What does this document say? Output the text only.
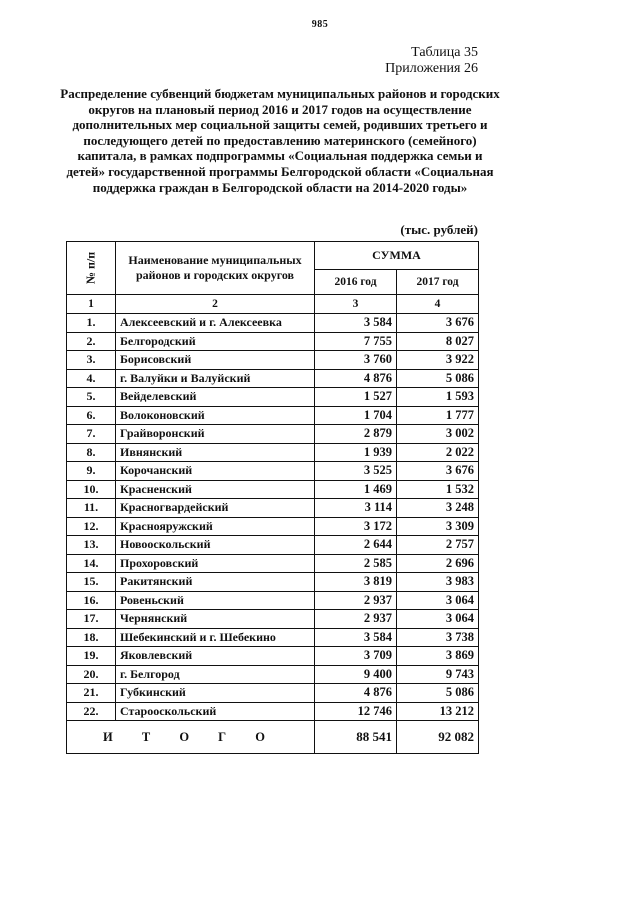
985
Таблица 35
Приложения 26
Распределение субвенций бюджетам муниципальных районов и городских округов на плановый период 2016 и 2017 годов на осуществление дополнительных мер социальной защиты семей, родивших третьего и последующего детей по предоставлению материнского (семейного) капитала, в рамках подпрограммы «Социальная поддержка семьи и детей» государственной программы Белгородской области «Социальная поддержка граждан в Белгородской области на 2014-2020 годы»
(тыс. рублей)
№ п/п	Наименование муниципальных районов и городских округов	СУММА	
		2016 год	2017 год
1	2	3	4
1.	Алексеевский и г. Алексеевка	3 584	3 676
2.	Белгородский	7 755	8 027
3.	Борисовский	3 760	3 922
4.	г. Валуйки и Валуйский	4 876	5 086
5.	Вейделевский	1 527	1 593
6.	Волоконовский	1 704	1 777
7.	Грайворонский	2 879	3 002
8.	Ивнянский	1 939	2 022
9.	Корочанский	3 525	3 676
10.	Красненский	1 469	1 532
11.	Красногвардейский	3 114	3 248
12.	Краснояружский	3 172	3 309
13.	Новооскольский	2 644	2 757
14.	Прохоровский	2 585	2 696
15.	Ракитянский	3 819	3 983
16.	Ровеньский	2 937	3 064
17.	Чернянский	2 937	3 064
18.	Шебекинский и г. Шебекино	3 584	3 738
19.	Яковлевский	3 709	3 869
20.	г. Белгород	9 400	9 743
21.	Губкинский	4 876	5 086
22.	Старооскольский	12 746	13 212
И Т О Г О		88 541	92 082
